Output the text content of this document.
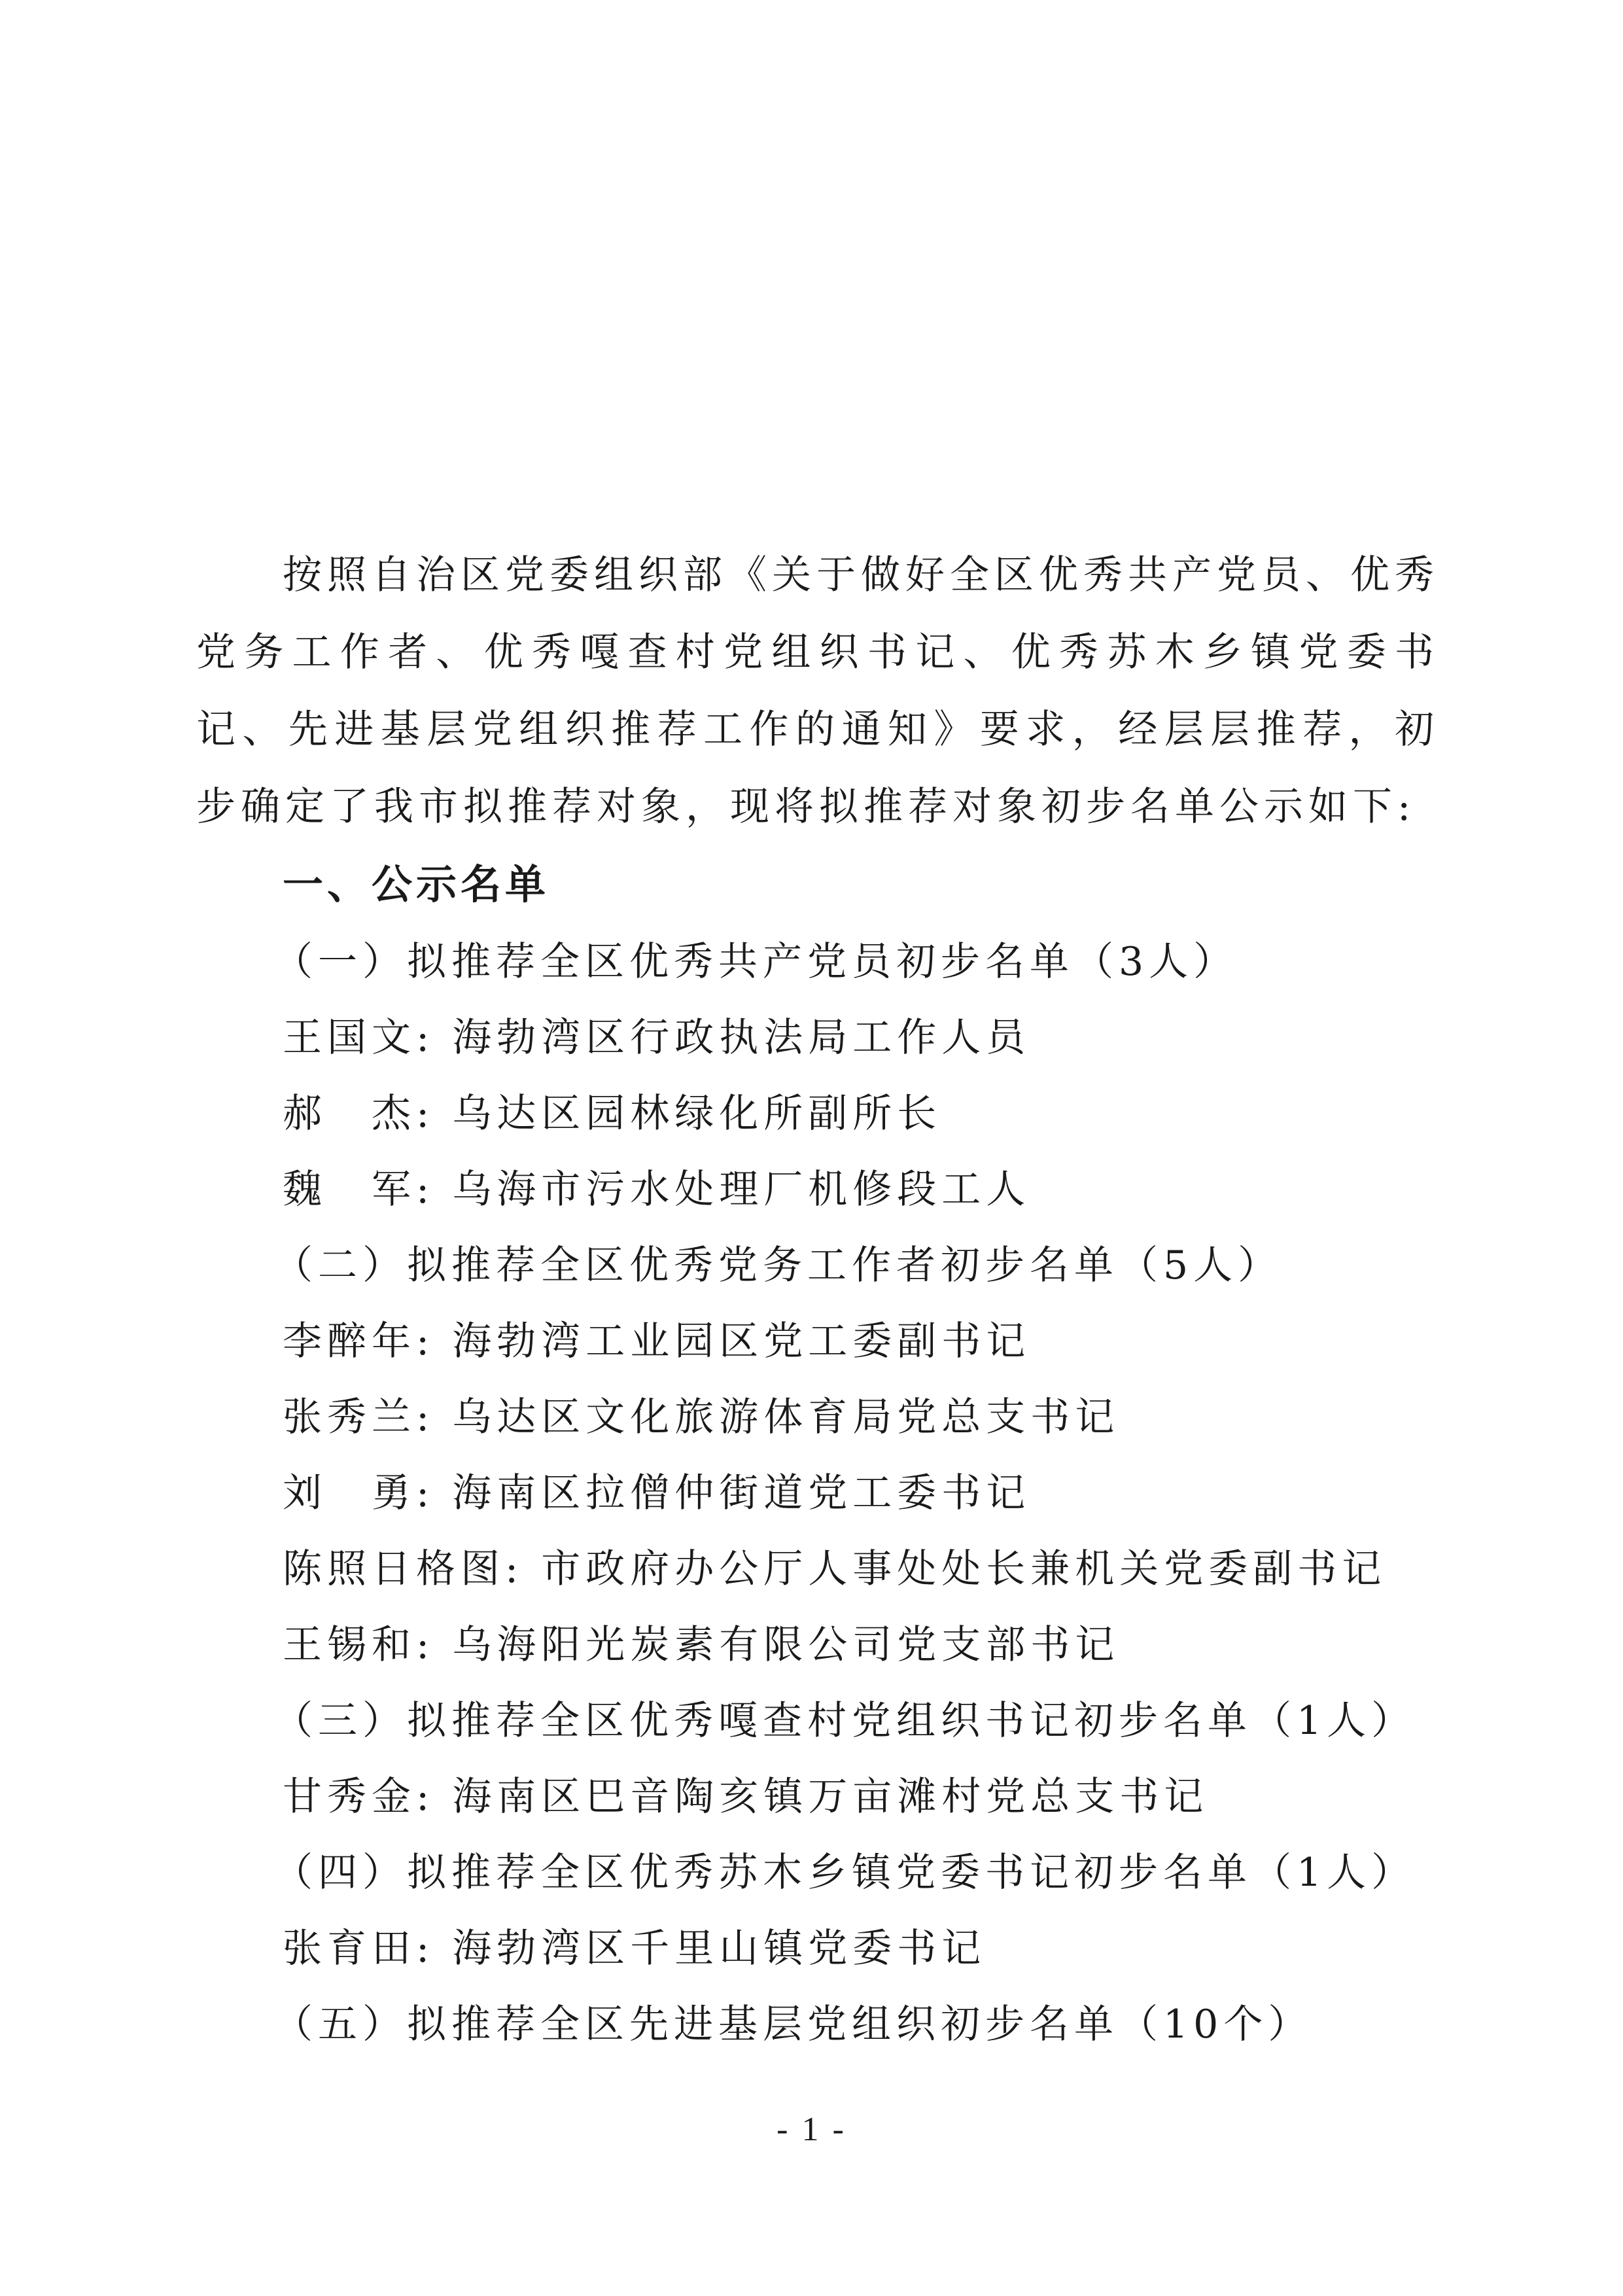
按照自治区党委组织部《关于做好全区优秀共产党员、优秀党务工作者、优秀嘎查村党组织书记、优秀苏木乡镇党委书记、先进基层党组织推荐工作的通知》要求，经层层推荐，初步确定了我市拟推荐对象，现将拟推荐对象初步名单公示如下:

一、公示名单

（一）拟推荐全区优秀共产党员初步名单（3人）

王国文: 海勃湾区行政执法局工作人员

郝　杰: 乌达区园林绿化所副所长

魏　军: 乌海市污水处理厂机修段工人

（二）拟推荐全区优秀党务工作者初步名单（5人）

李醉年: 海勃湾工业园区党工委副书记

张秀兰: 乌达区文化旅游体育局党总支书记

刘　勇: 海南区拉僧仲街道党工委书记

陈照日格图: 市政府办公厅人事处处长兼机关党委副书记

王锡和: 乌海阳光炭素有限公司党支部书记

（三）拟推荐全区优秀嘎查村党组织书记初步名单（1人）

甘秀金: 海南区巴音陶亥镇万亩滩村党总支书记

（四）拟推荐全区优秀苏木乡镇党委书记初步名单（1人）

张育田: 海勃湾区千里山镇党委书记

（五）拟推荐全区先进基层党组织初步名单（10个）

- 1 -
